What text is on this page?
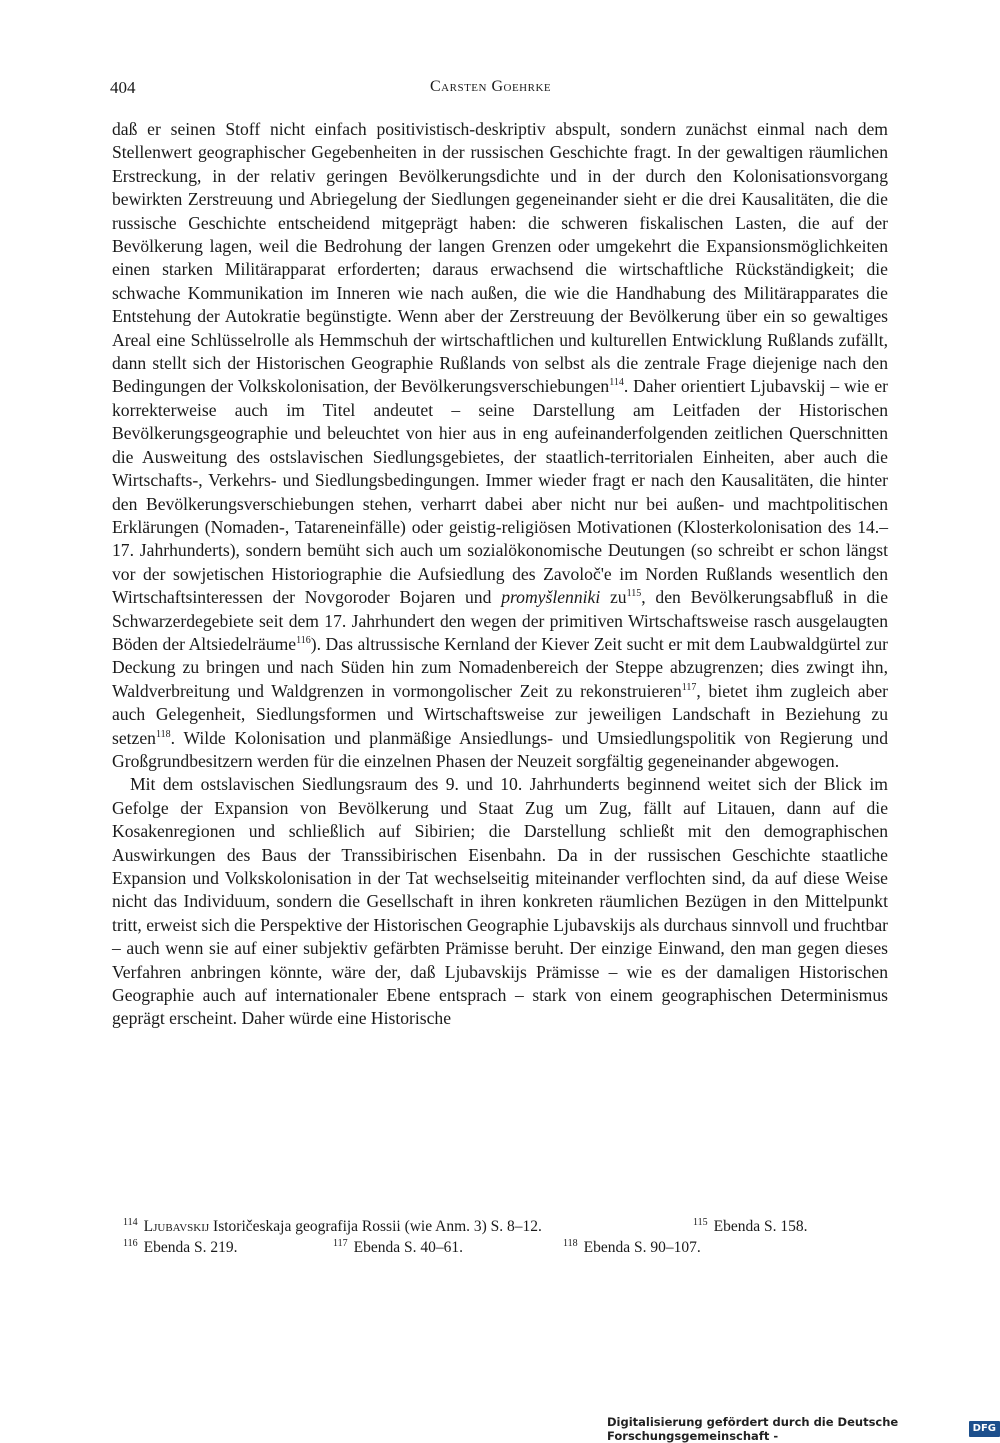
404	Carsten Goehrke

daß er seinen Stoff nicht einfach positivistisch-deskriptiv abspult, sondern zunächst einmal nach dem Stellenwert geographischer Gegebenheiten in der russischen Geschichte fragt. In der gewaltigen räumlichen Erstreckung, in der relativ geringen Bevölkerungsdichte und in der durch den Kolonisationsvorgang bewirkten Zerstreuung und Abriegelung der Siedlungen gegeneinander sieht er die drei Kausalitäten, die die russische Geschichte entscheidend mitgeprägt haben: die schweren fiskalischen Lasten, die auf der Bevölkerung lagen, weil die Bedrohung der langen Grenzen oder umgekehrt die Expansionsmöglichkeiten einen starken Militärapparat erforderten; daraus erwachsend die wirtschaftliche Rückständigkeit; die schwache Kommunikation im Inneren wie nach außen, die wie die Handhabung des Militärapparates die Entstehung der Autokratie begünstigte. Wenn aber der Zerstreuung der Bevölkerung über ein so gewaltiges Areal eine Schlüsselrolle als Hemmschuh der wirtschaftlichen und kulturellen Entwicklung Rußlands zufällt, dann stellt sich der Historischen Geographie Rußlands von selbst als die zentrale Frage diejenige nach den Bedingungen der Volkskolonisation, der Bevölkerungsverschiebungen$^{114}$. Daher orientiert Ljubavskij – wie er korrekterweise auch im Titel andeutet – seine Darstellung am Leitfaden der Historischen Bevölkerungsgeographie und beleuchtet von hier aus in eng aufeinanderfolgenden zeitlichen Querschnitten die Ausweitung des ostslavischen Siedlungsgebietes, der staatlich-territorialen Einheiten, aber auch die Wirtschafts-, Verkehrs- und Siedlungsbedingungen. Immer wieder fragt er nach den Kausalitäten, die hinter den Bevölkerungsverschiebungen stehen, verharrt dabei aber nicht nur bei außen- und machtpolitischen Erklärungen (Nomaden-, Tatareneinfälle) oder geistig-religiösen Motivationen (Klosterkolonisation des 14.–17. Jahrhunderts), sondern bemüht sich auch um sozialökonomische Deutungen (so schreibt er schon längst vor der sowjetischen Historiographie die Aufsiedlung des Zavoloč'e im Norden Rußlands wesentlich den Wirtschaftsinteressen der Novgoroder Bojaren und promyšlenniki zu$^{115}$, den Bevölkerungsabfluß in die Schwarzerdegebiete seit dem 17. Jahrhundert den wegen der primitiven Wirtschaftsweise rasch ausgelaugten Böden der Altsiedelräume$^{116}$). Das altrussische Kernland der Kiever Zeit sucht er mit dem Laubwaldgürtel zur Deckung zu bringen und nach Süden hin zum Nomadenbereich der Steppe abzugrenzen; dies zwingt ihn, Waldverbreitung und Waldgrenzen in vormongolischer Zeit zu rekonstruieren$^{117}$, bietet ihm zugleich aber auch Gelegenheit, Siedlungsformen und Wirtschaftsweise zur jeweiligen Landschaft in Beziehung zu setzen$^{118}$. Wilde Kolonisation und planmäßige Ansiedlungs- und Umsiedlungspolitik von Regierung und Großgrundbesitzern werden für die einzelnen Phasen der Neuzeit sorgfältig gegeneinander abgewogen.

Mit dem ostslavischen Siedlungsraum des 9. und 10. Jahrhunderts beginnend weitet sich der Blick im Gefolge der Expansion von Bevölkerung und Staat Zug um Zug, fällt auf Litauen, dann auf die Kosakenregionen und schließlich auf Sibirien; die Darstellung schließt mit den demographischen Auswirkungen des Baus der Transsibirischen Eisenbahn. Da in der russischen Geschichte staatliche Expansion und Volkskolonisation in der Tat wechselseitig miteinander verflochten sind, da auf diese Weise nicht das Individuum, sondern die Gesellschaft in ihren konkreten räumlichen Bezügen in den Mittelpunkt tritt, erweist sich die Perspektive der Historischen Geographie Ljubavskijs als durchaus sinnvoll und fruchtbar – auch wenn sie auf einer subjektiv gefärbten Prämisse beruht. Der einzige Einwand, den man gegen dieses Verfahren anbringen könnte, wäre der, daß Ljubavskijs Prämisse – wie es der damaligen Historischen Geographie auch auf internationaler Ebene entsprach – stark von einem geographischen Determinismus geprägt erscheint. Daher würde eine Historische

$^{114}$ Ljubavskij Istoričeskaja geografija Rossii (wie Anm. 3) S. 8–12.	$^{115}$ Ebenda S. 158.
$^{116}$ Ebenda S. 219.	$^{117}$ Ebenda S. 40–61.	$^{118}$ Ebenda S. 90–107.
Digitalisierung gefördert durch die Deutsche Forschungsgemeinschaft -
DFG
